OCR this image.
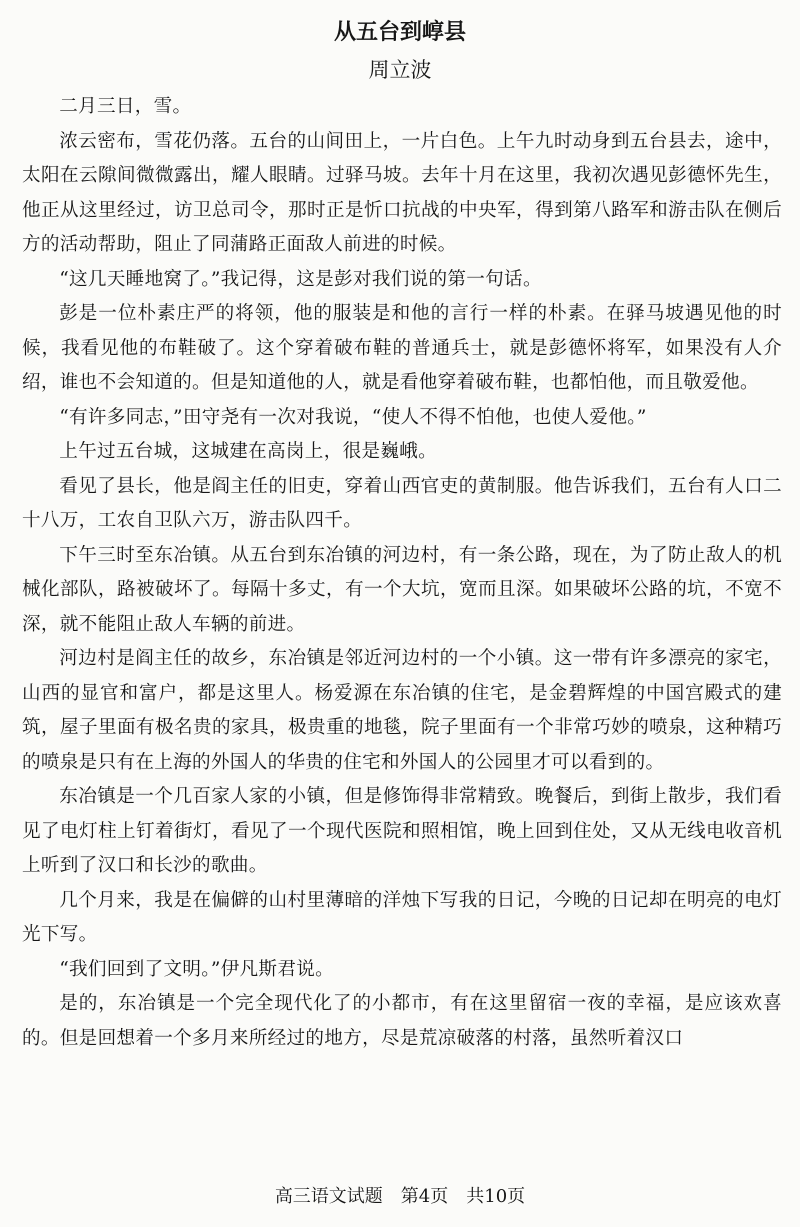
从五台到崞县
周立波

二月三日，雪。

浓云密布，雪花仍落。五台的山间田上，一片白色。上午九时动身到五台县去，途中，太阳在云隙间微微露出，耀人眼睛。过驿马坡。去年十月在这里，我初次遇见彭德怀先生，他正从这里经过，访卫总司令，那时正是忻口抗战的中央军，得到第八路军和游击队在侧后方的活动帮助，阻止了同蒲路正面敌人前进的时候。

“这几天睡地窝了。”我记得，这是彭对我们说的第一句话。

彭是一位朴素庄严的将领，他的服装是和他的言行一样的朴素。在驿马坡遇见他的时候，我看见他的布鞋破了。这个穿着破布鞋的普通兵士，就是彭德怀将军，如果没有人介绍，谁也不会知道的。但是知道他的人，就是看他穿着破布鞋，也都怕他，而且敬爱他。

“有许多同志，”田守尧有一次对我说，“使人不得不怕他，也使人爱他。”

上午过五台城，这城建在高岗上，很是巍峨。

看见了县长，他是阎主任的旧吏，穿着山西官吏的黄制服。他告诉我们，五台有人口二十八万，工农自卫队六万，游击队四千。

下午三时至东冶镇。从五台到东冶镇的河边村，有一条公路，现在，为了防止敌人的机械化部队，路被破坏了。每隔十多丈，有一个大坑，宽而且深。如果破坏公路的坑，不宽不深，就不能阻止敌人车辆的前进。

河边村是阎主任的故乡，东冶镇是邻近河边村的一个小镇。这一带有许多漂亮的家宅，山西的显官和富户，都是这里人。杨爱源在东冶镇的住宅，是金碧辉煌的中国宫殿式的建筑，屋子里面有极名贵的家具，极贵重的地毯，院子里面有一个非常巧妙的喷泉，这种精巧的喷泉是只有在上海的外国人的华贵的住宅和外国人的公园里才可以看到的。

东冶镇是一个几百家人家的小镇，但是修饰得非常精致。晚餐后，到街上散步，我们看见了电灯柱上钉着街灯，看见了一个现代医院和照相馆，晚上回到住处，又从无线电收音机上听到了汉口和长沙的歌曲。

几个月来，我是在偏僻的山村里薄暗的洋烛下写我的日记，今晚的日记却在明亮的电灯光下写。

“我们回到了文明。”伊凡斯君说。

是的，东冶镇是一个完全现代化了的小都市，有在这里留宿一夜的幸福，是应该欢喜的。但是回想着一个多月来所经过的地方，尽是荒凉破落的村落，虽然听着汉口

高三语文试题　第4页　共10页
